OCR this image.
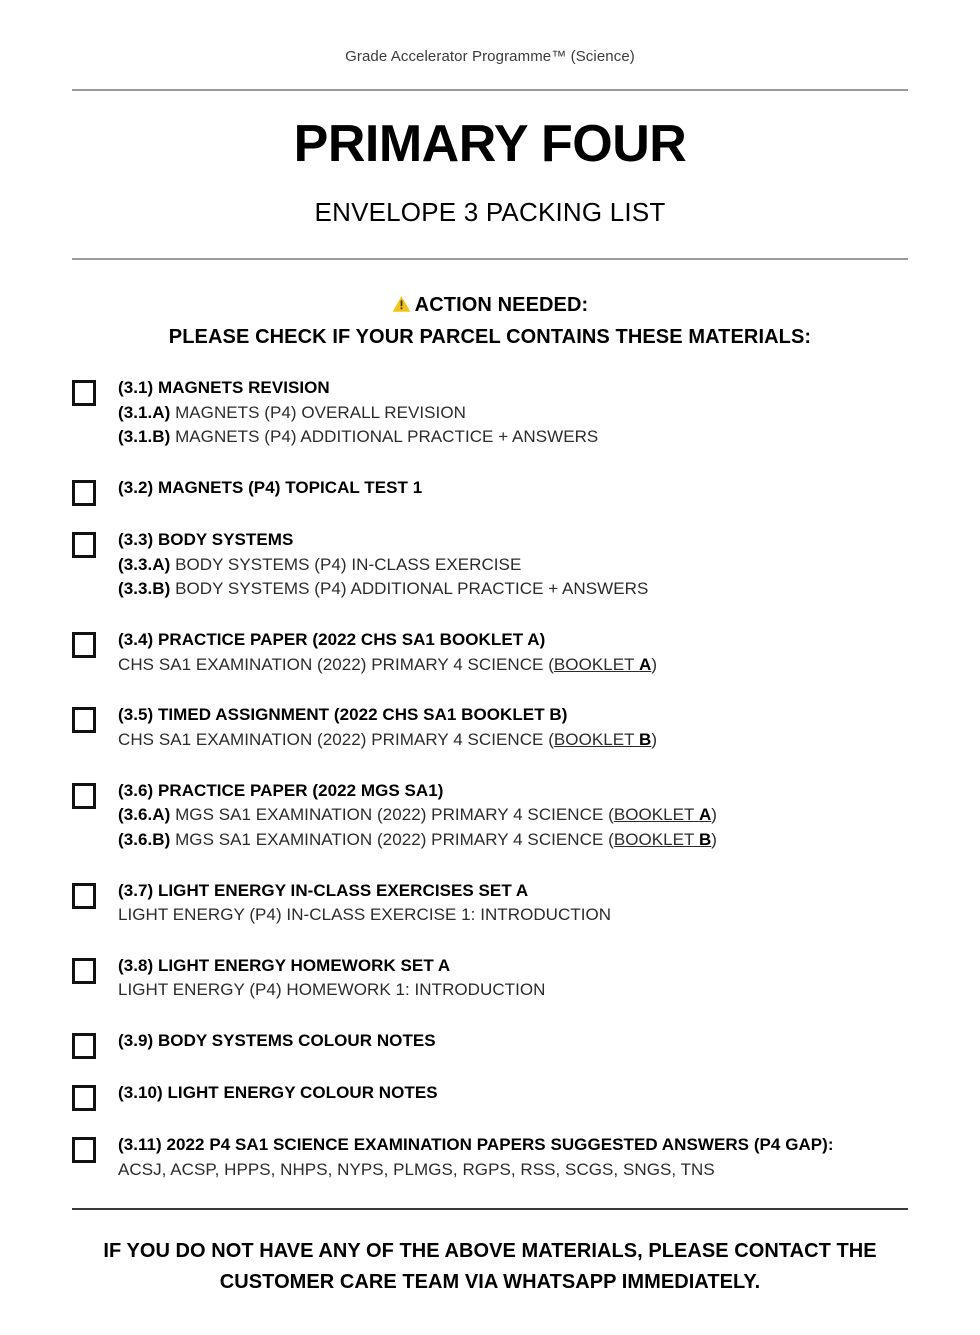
Grade Accelerator Programme™ (Science)
PRIMARY FOUR
ENVELOPE 3 PACKING LIST
ACTION NEEDED:
PLEASE CHECK IF YOUR PARCEL CONTAINS THESE MATERIALS:
(3.1) MAGNETS REVISION
(3.1.A) MAGNETS (P4) OVERALL REVISION
(3.1.B) MAGNETS (P4) ADDITIONAL PRACTICE + ANSWERS
(3.2) MAGNETS (P4) TOPICAL TEST 1
(3.3) BODY SYSTEMS
(3.3.A) BODY SYSTEMS (P4) IN-CLASS EXERCISE
(3.3.B) BODY SYSTEMS (P4) ADDITIONAL PRACTICE + ANSWERS
(3.4) PRACTICE PAPER (2022 CHS SA1 BOOKLET A)
CHS SA1 EXAMINATION (2022) PRIMARY 4 SCIENCE (BOOKLET A)
(3.5) TIMED ASSIGNMENT (2022 CHS SA1 BOOKLET B)
CHS SA1 EXAMINATION (2022) PRIMARY 4 SCIENCE (BOOKLET B)
(3.6) PRACTICE PAPER (2022 MGS SA1)
(3.6.A) MGS SA1 EXAMINATION (2022) PRIMARY 4 SCIENCE (BOOKLET A)
(3.6.B) MGS SA1 EXAMINATION (2022) PRIMARY 4 SCIENCE (BOOKLET B)
(3.7) LIGHT ENERGY IN-CLASS EXERCISES SET A
LIGHT ENERGY (P4) IN-CLASS EXERCISE 1: INTRODUCTION
(3.8) LIGHT ENERGY HOMEWORK SET A
LIGHT ENERGY (P4) HOMEWORK 1: INTRODUCTION
(3.9) BODY SYSTEMS COLOUR NOTES
(3.10) LIGHT ENERGY COLOUR NOTES
(3.11) 2022 P4 SA1 SCIENCE EXAMINATION PAPERS SUGGESTED ANSWERS (P4 GAP):
ACSJ, ACSP, HPPS, NHPS, NYPS, PLMGS, RGPS, RSS, SCGS, SNGS, TNS
IF YOU DO NOT HAVE ANY OF THE ABOVE MATERIALS, PLEASE CONTACT THE
CUSTOMER CARE TEAM VIA WHATSAPP IMMEDIATELY.
